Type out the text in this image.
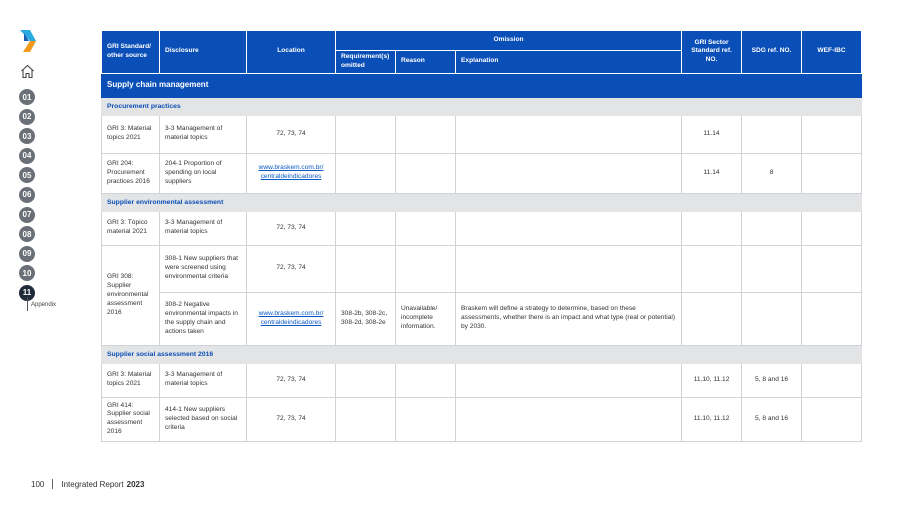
01
02
03
04
05
06
07
08
09
10
11
Appendix
GRI Standard/ other source	Disclosure	Location	Omission			GRI Sector Standard ref. NO.	SDG ref. NO.	WEF-IBC
			Requirement(s) omitted	Reason	Explanation			
Supply chain management								
Procurement practices								
GRI 3: Material topics 2021	3-3 Management of material topics	72, 73, 74				11.14		
GRI 204: Procurement practices 2016	204-1 Proportion of spending on local suppliers	www.braskem.com.br/ centraldeindicadores				11.14	8	
Supplier environmental assessment								
GRI 3: Tópico material 2021	3-3 Management of material topics	72, 73, 74						
GRI 308: Supplier environmental assessment 2016	308-1 New suppliers that were screened using environmental criteria	72, 73, 74						
	308-2 Negative environmental impacts in the supply chain and actions taken	www.braskem.com.br/ centraldeindicadores	308-2b, 308-2c, 308-2d, 308-2e	Unavailable/ incomplete information.	Braskem will define a strategy to determine, based on these assessments, whether there is an impact and what type (real or potential) by 2030.			
Supplier social assessment 2016								
GRI 3: Material topics 2021	3-3 Management of material topics	72, 73, 74				11.10, 11.12	5, 8 and 16	
GRI 414: Supplier social assessment 2016	414-1 New suppliers selected based on social criteria	72, 73, 74				11.10, 11.12	5, 8 and 16	
100 Integrated Report 2023
